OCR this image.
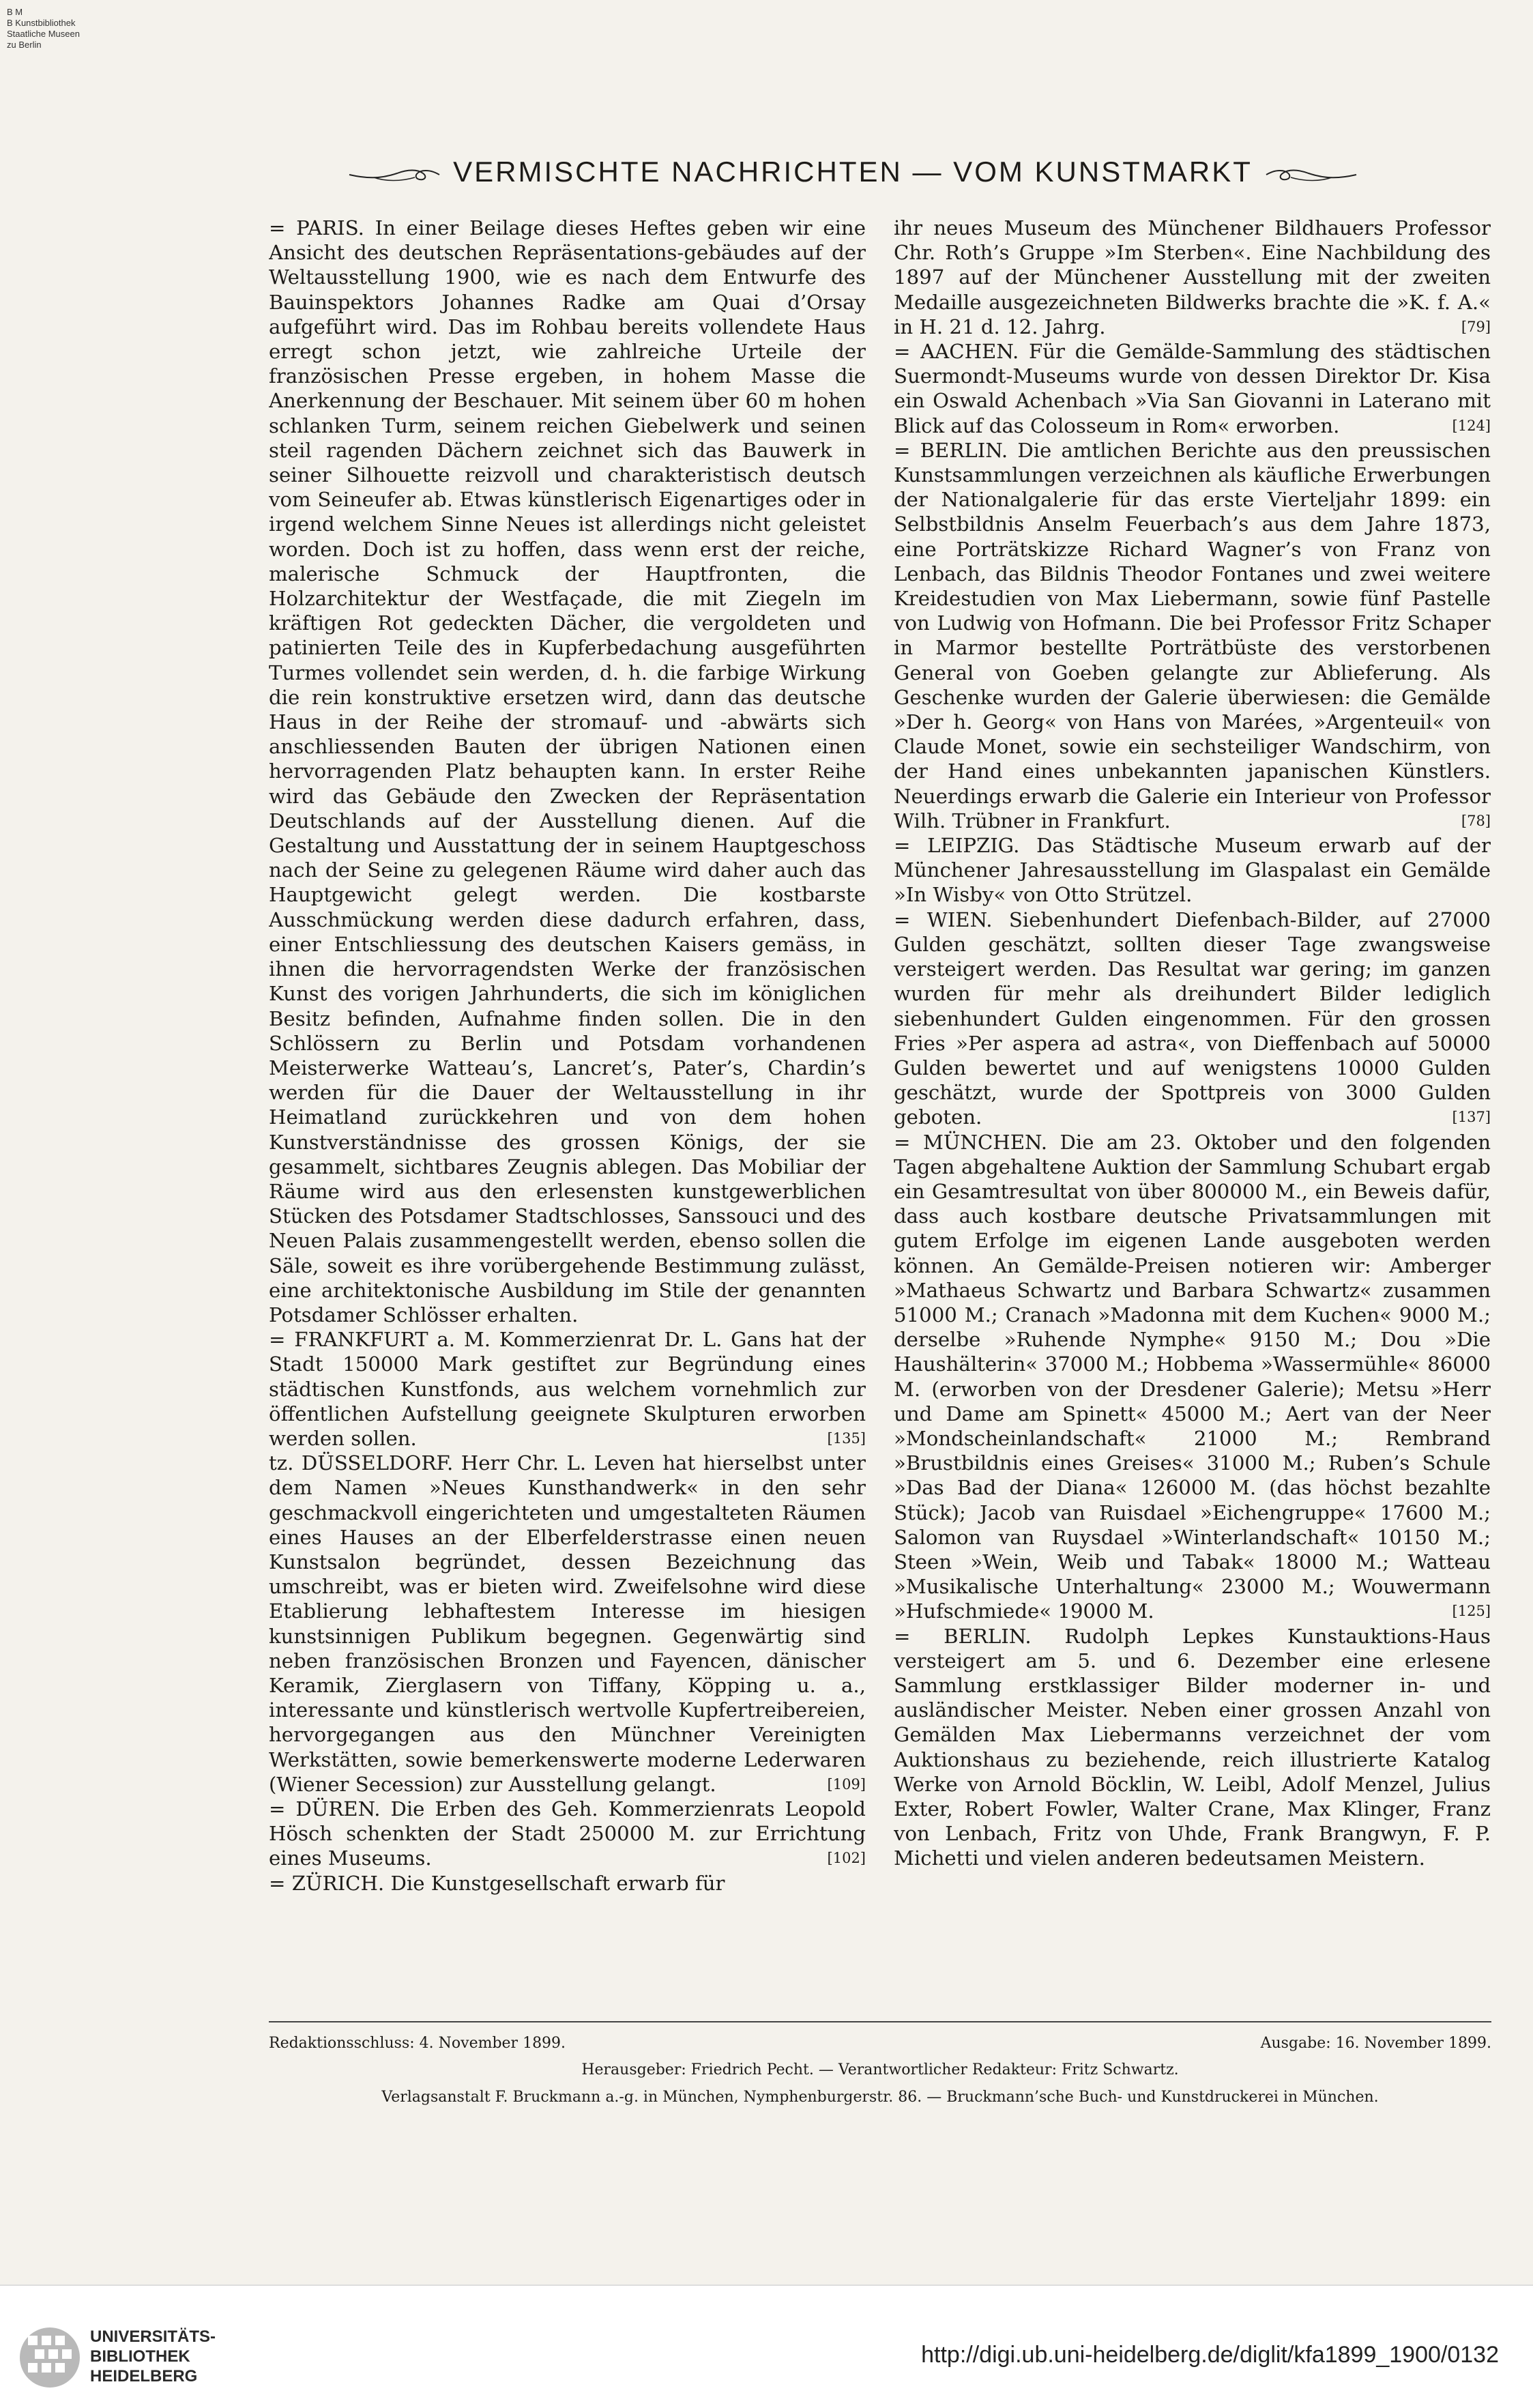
B M
B Kunstbibliothek
Staatliche Museen
zu Berlin
VERMISCHTE NACHRICHTEN — VOM KUNSTMARKT

= PARIS. In einer Beilage dieses Heftes geben wir eine Ansicht des deutschen Repräsentations-gebäudes auf der Weltausstellung 1900, wie es nach dem Entwurfe des Bauinspektors Johannes Radke am Quai d’Orsay aufgeführt wird. Das im Rohbau bereits vollendete Haus erregt schon jetzt, wie zahlreiche Urteile der französischen Presse ergeben, in hohem Masse die Anerkennung der Beschauer. Mit seinem über 60 m hohen schlanken Turm, seinem reichen Giebelwerk und seinen steil ragenden Dächern zeichnet sich das Bauwerk in seiner Silhouette reizvoll und charakteristisch deutsch vom Seineufer ab. Etwas künstlerisch Eigenartiges oder in irgend welchem Sinne Neues ist allerdings nicht geleistet worden. Doch ist zu hoffen, dass wenn erst der reiche, malerische Schmuck der Hauptfronten, die Holzarchitektur der Westfaçade, die mit Ziegeln im kräftigen Rot gedeckten Dächer, die vergoldeten und patinierten Teile des in Kupferbedachung ausgeführten Turmes vollendet sein werden, d. h. die farbige Wirkung die rein konstruktive ersetzen wird, dann das deutsche Haus in der Reihe der stromauf- und -abwärts sich anschliessenden Bauten der übrigen Nationen einen hervorragenden Platz behaupten kann. In erster Reihe wird das Gebäude den Zwecken der Repräsentation Deutschlands auf der Ausstellung dienen. Auf die Gestaltung und Ausstattung der in seinem Hauptgeschoss nach der Seine zu gelegenen Räume wird daher auch das Hauptgewicht gelegt werden. Die kostbarste Ausschmückung werden diese dadurch erfahren, dass, einer Entschliessung des deutschen Kaisers gemäss, in ihnen die hervorragendsten Werke der französischen Kunst des vorigen Jahrhunderts, die sich im königlichen Besitz befinden, Aufnahme finden sollen. Die in den Schlössern zu Berlin und Potsdam vorhandenen Meisterwerke Watteau’s, Lancret’s, Pater’s, Chardin’s werden für die Dauer der Weltausstellung in ihr Heimatland zurückkehren und von dem hohen Kunstverständnisse des grossen Königs, der sie gesammelt, sichtbares Zeugnis ablegen. Das Mobiliar der Räume wird aus den erlesensten kunstgewerblichen Stücken des Potsdamer Stadtschlosses, Sanssouci und des Neuen Palais zusammengestellt werden, ebenso sollen die Säle, soweit es ihre vorübergehende Bestimmung zulässt, eine architektonische Ausbildung im Stile der genannten Potsdamer Schlösser erhalten.

= FRANKFURT a. M. Kommerzienrat Dr. L. Gans hat der Stadt 150000 Mark gestiftet zur Begründung eines städtischen Kunstfonds, aus welchem vornehmlich zur öffentlichen Aufstellung geeignete Skulpturen erworben werden sollen.	[135]

tz. DÜSSELDORF. Herr Chr. L. Leven hat hierselbst unter dem Namen »Neues Kunsthandwerk« in den sehr geschmackvoll eingerichteten und umgestalteten Räumen eines Hauses an der Elberfelderstrasse einen neuen Kunstsalon begründet, dessen Bezeichnung das umschreibt, was er bieten wird. Zweifelsohne wird diese Etablierung lebhaftestem Interesse im hiesigen kunstsinnigen Publikum begegnen. Gegenwärtig sind neben französischen Bronzen und Fayencen, dänischer Keramik, Zierglasern von Tiffany, Köpping u. a., interessante und künstlerisch wertvolle Kupfertreibereien, hervorgegangen aus den Münchner Vereinigten Werkstätten, sowie bemerkenswerte moderne Lederwaren (Wiener Secession) zur Ausstellung gelangt.	[109]

= DÜREN. Die Erben des Geh. Kommerzienrats Leopold Hösch schenkten der Stadt 250000 M. zur Errichtung eines Museums.	[102]

= ZÜRICH. Die Kunstgesellschaft erwarb für

ihr neues Museum des Münchener Bildhauers Professor Chr. Roth’s Gruppe »Im Sterben«. Eine Nachbildung des 1897 auf der Münchener Ausstellung mit der zweiten Medaille ausgezeichneten Bildwerks brachte die »K. f. A.« in H. 21 d. 12. Jahrg.	[79]

= AACHEN. Für die Gemälde-Sammlung des städtischen Suermondt-Museums wurde von dessen Direktor Dr. Kisa ein Oswald Achenbach »Via San Giovanni in Laterano mit Blick auf das Colosseum in Rom« erworben.	[124]

= BERLIN. Die amtlichen Berichte aus den preussischen Kunstsammlungen verzeichnen als käufliche Erwerbungen der Nationalgalerie für das erste Vierteljahr 1899: ein Selbstbildnis Anselm Feuerbach’s aus dem Jahre 1873, eine Porträtskizze Richard Wagner’s von Franz von Lenbach, das Bildnis Theodor Fontanes und zwei weitere Kreidestudien von Max Liebermann, sowie fünf Pastelle von Ludwig von Hofmann. Die bei Professor Fritz Schaper in Marmor bestellte Porträtbüste des verstorbenen General von Goeben gelangte zur Ablieferung. Als Geschenke wurden der Galerie überwiesen: die Gemälde »Der h. Georg« von Hans von Marées, »Argenteuil« von Claude Monet, sowie ein sechsteiliger Wandschirm, von der Hand eines unbekannten japanischen Künstlers. Neuerdings erwarb die Galerie ein Interieur von Professor Wilh. Trübner in Frankfurt.	[78]

= LEIPZIG. Das Städtische Museum erwarb auf der Münchener Jahresausstellung im Glaspalast ein Gemälde »In Wisby« von Otto Strützel.

= WIEN. Siebenhundert Diefenbach-Bilder, auf 27000 Gulden geschätzt, sollten dieser Tage zwangsweise versteigert werden. Das Resultat war gering; im ganzen wurden für mehr als dreihundert Bilder lediglich siebenhundert Gulden eingenommen. Für den grossen Fries »Per aspera ad astra«, von Dieffenbach auf 50000 Gulden bewertet und auf wenigstens 10000 Gulden geschätzt, wurde der Spottpreis von 3000 Gulden geboten.	[137]

= MÜNCHEN. Die am 23. Oktober und den folgenden Tagen abgehaltene Auktion der Sammlung Schubart ergab ein Gesamtresultat von über 800000 M., ein Beweis dafür, dass auch kostbare deutsche Privatsammlungen mit gutem Erfolge im eigenen Lande ausgeboten werden können. An Gemälde-Preisen notieren wir: Amberger »Mathaeus Schwartz und Barbara Schwartz« zusammen 51000 M.; Cranach »Madonna mit dem Kuchen« 9000 M.; derselbe »Ruhende Nymphe« 9150 M.; Dou »Die Haushälterin« 37000 M.; Hobbema »Wassermühle« 86000 M. (erworben von der Dresdener Galerie); Metsu »Herr und Dame am Spinett« 45000 M.; Aert van der Neer »Mondscheinlandschaft« 21000 M.; Rembrand »Brustbildnis eines Greises« 31000 M.; Ruben’s Schule »Das Bad der Diana« 126000 M. (das höchst bezahlte Stück); Jacob van Ruisdael »Eichengruppe« 17600 M.; Salomon van Ruysdael »Winterlandschaft« 10150 M.; Steen »Wein, Weib und Tabak« 18000 M.; Watteau »Musikalische Unterhaltung« 23000 M.; Wouwermann »Hufschmiede« 19000 M.	[125]

= BERLIN. Rudolph Lepkes Kunstauktions-Haus versteigert am 5. und 6. Dezember eine erlesene Sammlung erstklassiger Bilder moderner in- und ausländischer Meister. Neben einer grossen Anzahl von Gemälden Max Liebermanns verzeichnet der vom Auktionshaus zu beziehende, reich illustrierte Katalog Werke von Arnold Böcklin, W. Leibl, Adolf Menzel, Julius Exter, Robert Fowler, Walter Crane, Max Klinger, Franz von Lenbach, Fritz von Uhde, Frank Brangwyn, F. P. Michetti und vielen anderen bedeutsamen Meistern.

Redaktionsschluss: 4. November 1899.	Ausgabe: 16. November 1899.
Herausgeber: Friedrich Pecht. — Verantwortlicher Redakteur: Fritz Schwartz.
Verlagsanstalt F. Bruckmann a.-g. in München, Nymphenburgerstr. 86. — Bruckmann’sche Buch- und Kunstdruckerei in München.
UNIVERSITÄTS-
BIBLIOTHEK
HEIDELBERG
http://digi.ub.uni-heidelberg.de/diglit/kfa1899_1900/0132
